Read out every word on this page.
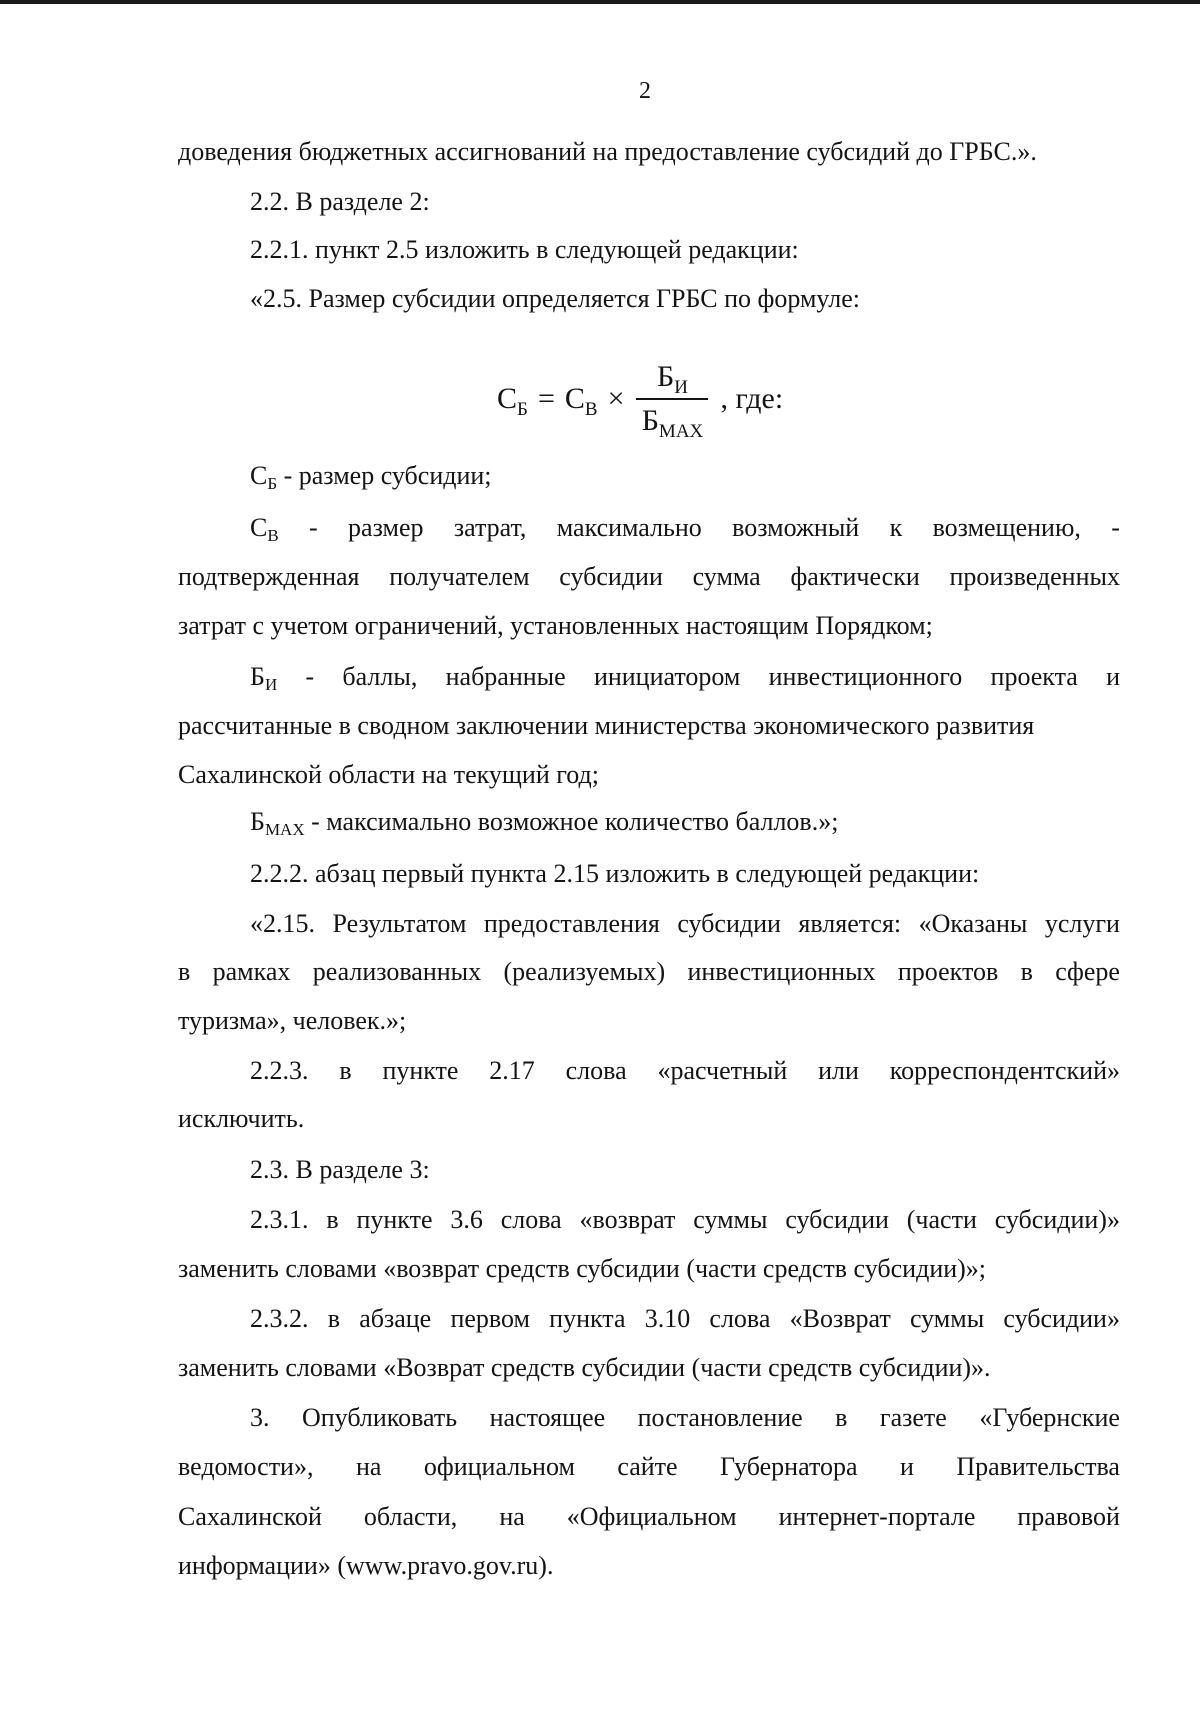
2
доведения бюджетных ассигнований на предоставление субсидий до ГРБС.».
2.2. В разделе 2:
2.2.1. пункт 2.5 изложить в следующей редакции:
«2.5. Размер субсидии определяется ГРБС по формуле:
$С_Б = С_В \times \frac{Б_И}{Б_{MAX}}$ , где:
$С_Б$ - размер субсидии;
$С_В$ - размер затрат, максимально возможный к возмещению, -
подтвержденная получателем субсидии сумма фактически произведенных
затрат с учетом ограничений, установленных настоящим Порядком;
$Б_И$ - баллы, набранные инициатором инвестиционного проекта и
рассчитанные в сводном заключении министерства экономического развития
Сахалинской области на текущий год;
$Б_{MAX}$ - максимально возможное количество баллов.»;
2.2.2. абзац первый пункта 2.15 изложить в следующей редакции:
«2.15. Результатом предоставления субсидии является: «Оказаны услуги
в рамках реализованных (реализуемых) инвестиционных проектов в сфере
туризма», человек.»;
2.2.3. в пункте 2.17 слова «расчетный или корреспондентский»
исключить.
2.3. В разделе 3:
2.3.1. в пункте 3.6 слова «возврат суммы субсидии (части субсидии)»
заменить словами «возврат средств субсидии (части средств субсидии)»;
2.3.2. в абзаце первом пункта 3.10 слова «Возврат суммы субсидии»
заменить словами «Возврат средств субсидии (части средств субсидии)».
3. Опубликовать настоящее постановление в газете «Губернские
ведомости», на официальном сайте Губернатора и Правительства
Сахалинской области, на «Официальном интернет-портале правовой
информации» (www.pravo.gov.ru).
